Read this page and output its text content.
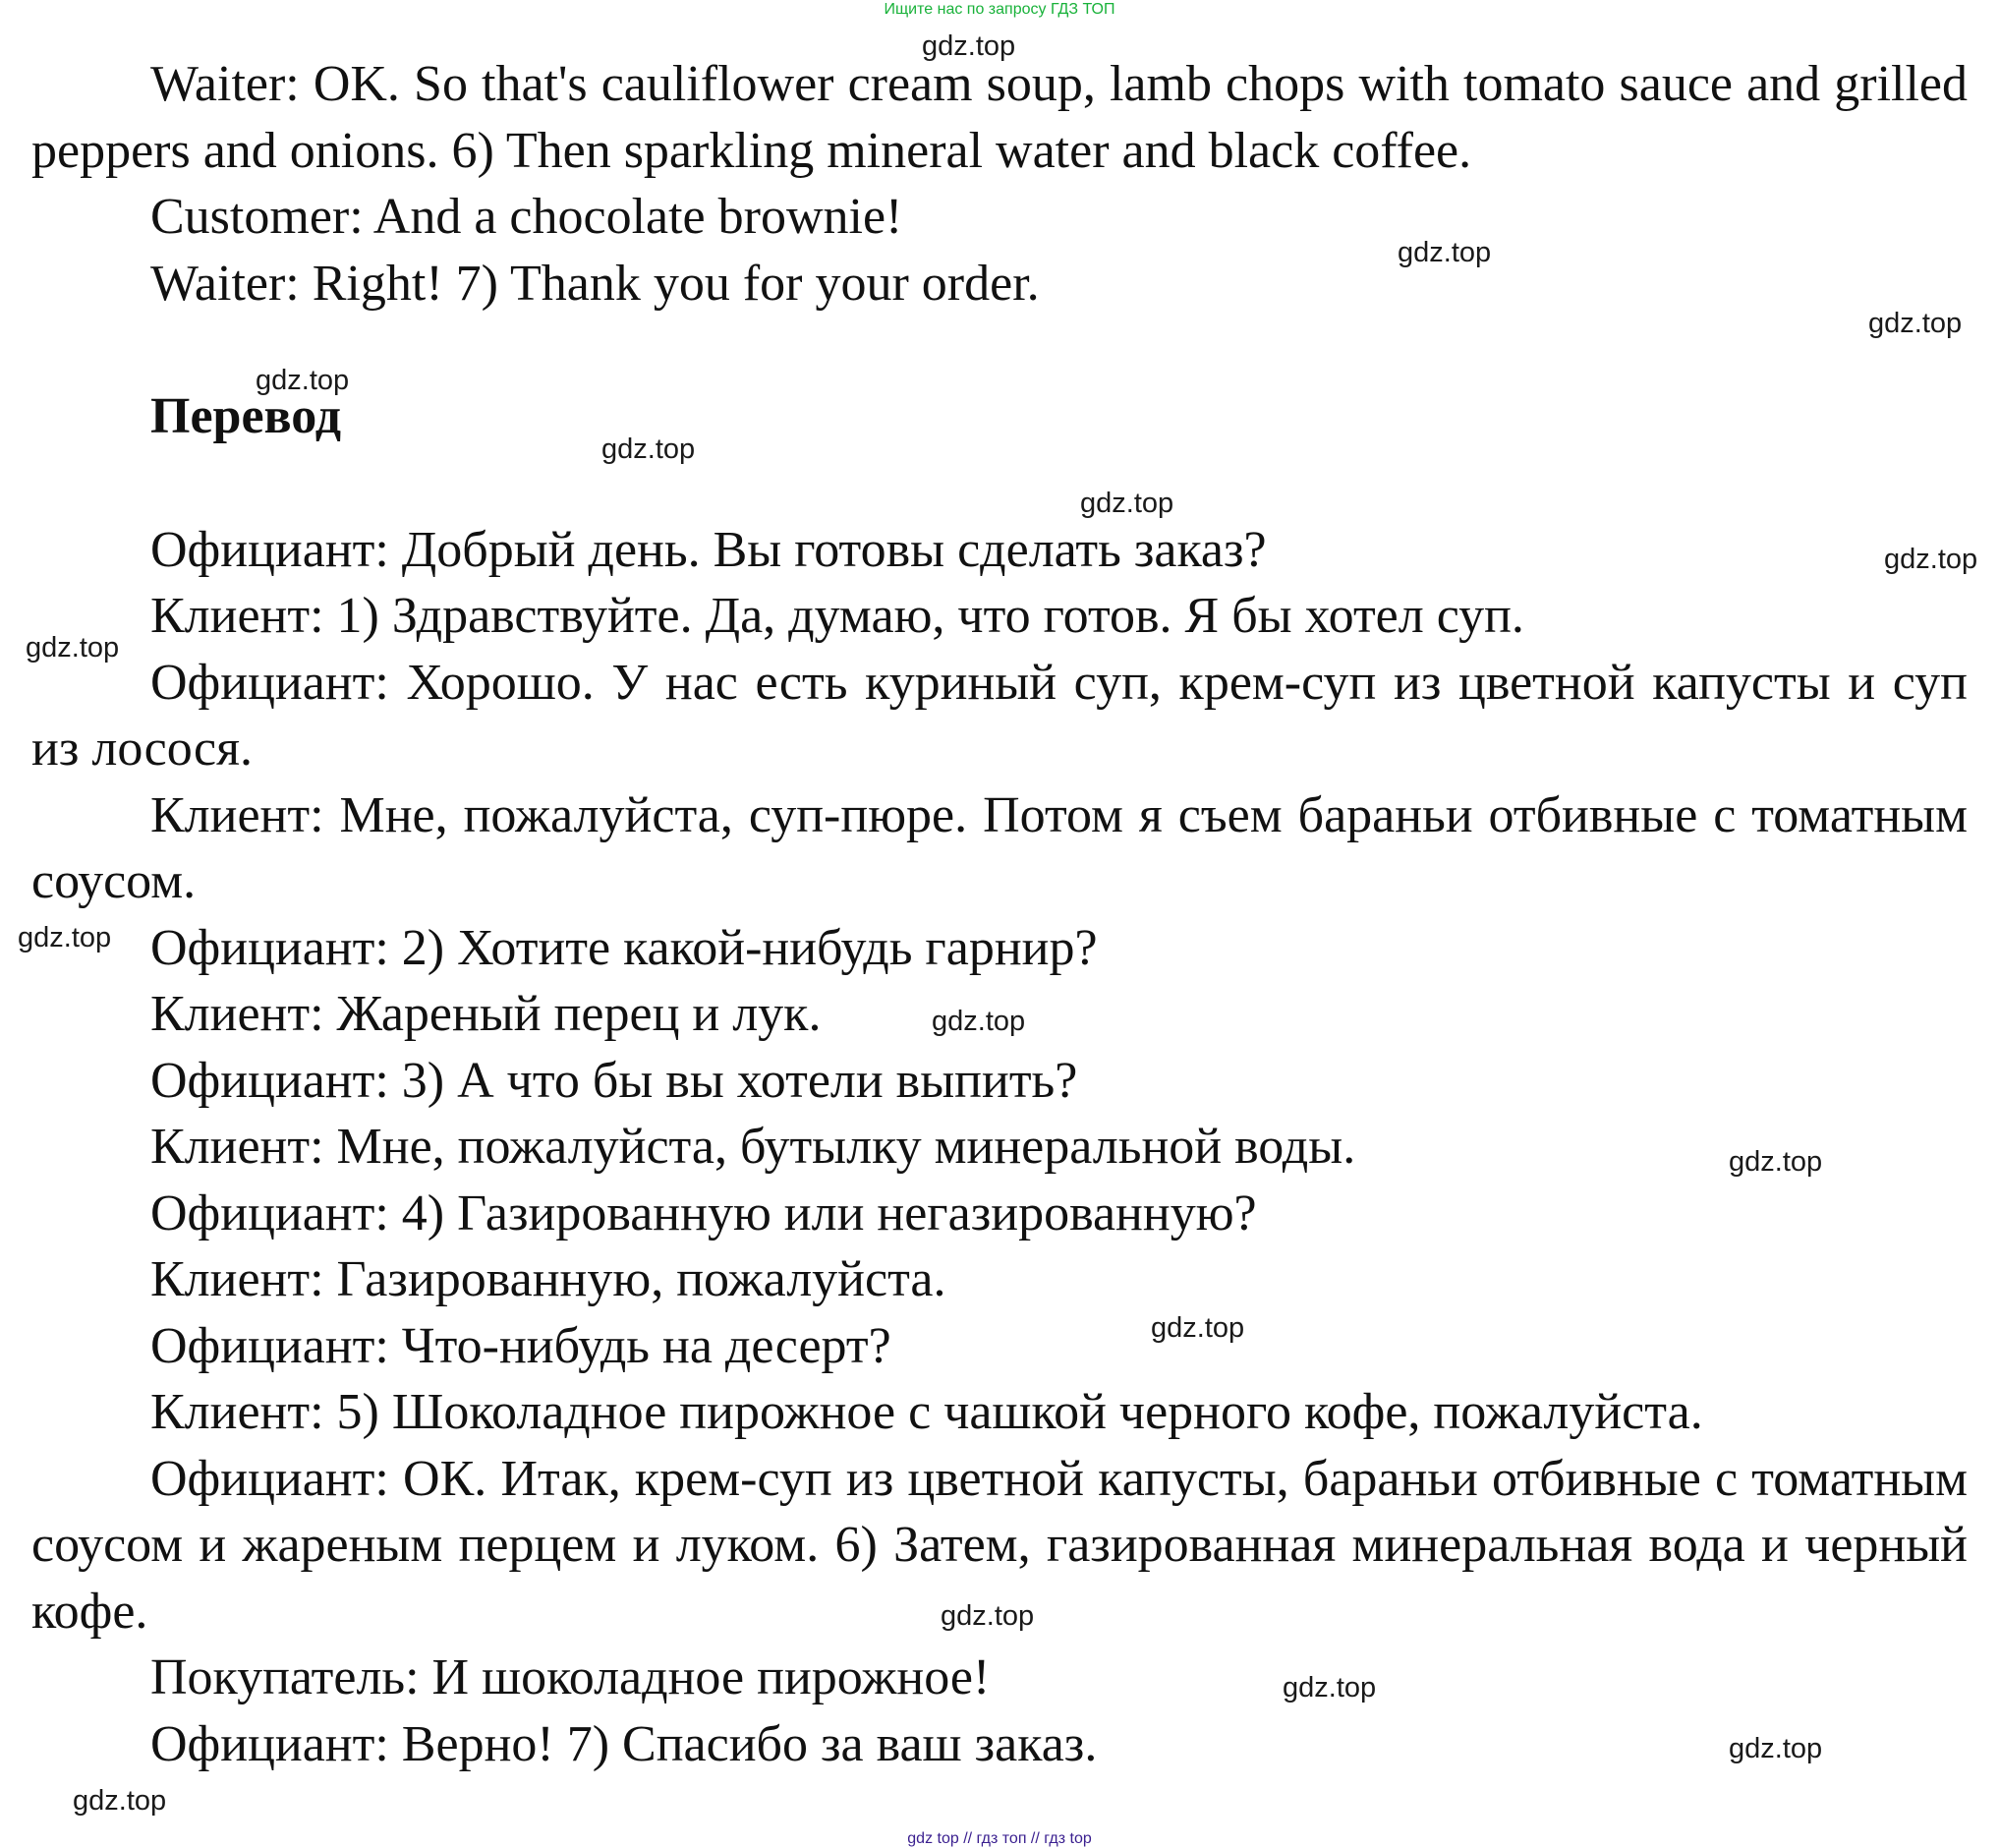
Ищите нас по запросу ГДЗ ТОП

Waiter: OK. So that's cauliflower cream soup, lamb chops with tomato sauce and grilled peppers and onions. 6) Then sparkling mineral water and black coffee.

Customer: And a chocolate brownie!

Waiter: Right! 7) Thank you for your order.

Перевод

Официант: Добрый день. Вы готовы сделать заказ?

Клиент: 1) Здравствуйте. Да, думаю, что готов. Я бы хотел суп.

Официант: Хорошо. У нас есть куриный суп, крем-суп из цветной капусты и суп из лосося.

Клиент: Мне, пожалуйста, суп-пюре. Потом я съем бараньи отбивные с томатным соусом.

Официант: 2) Хотите какой-нибудь гарнир?

Клиент: Жареный перец и лук.

Официант: 3) А что бы вы хотели выпить?

Клиент: Мне, пожалуйста, бутылку минеральной воды.

Официант: 4) Газированную или негазированную?

Клиент: Газированную, пожалуйста.

Официант: Что-нибудь на десерт?

Клиент: 5) Шоколадное пирожное с чашкой черного кофе, пожалуйста.

Официант: ОК. Итак, крем-суп из цветной капусты, бараньи отбивные с томатным соусом и жареным перцем и луком. 6) Затем, газированная минеральная вода и черный кофе.

Покупатель: И шоколадное пирожное!

Официант: Верно! 7) Спасибо за ваш заказ.

gdz.top
gdz.top
gdz.top
gdz.top
gdz.top
gdz.top
gdz.top
gdz.top
gdz.top
gdz.top
gdz.top
gdz.top
gdz.top
gdz.top
gdz.top
gdz.top
gdz top // гдз топ // гдз top
